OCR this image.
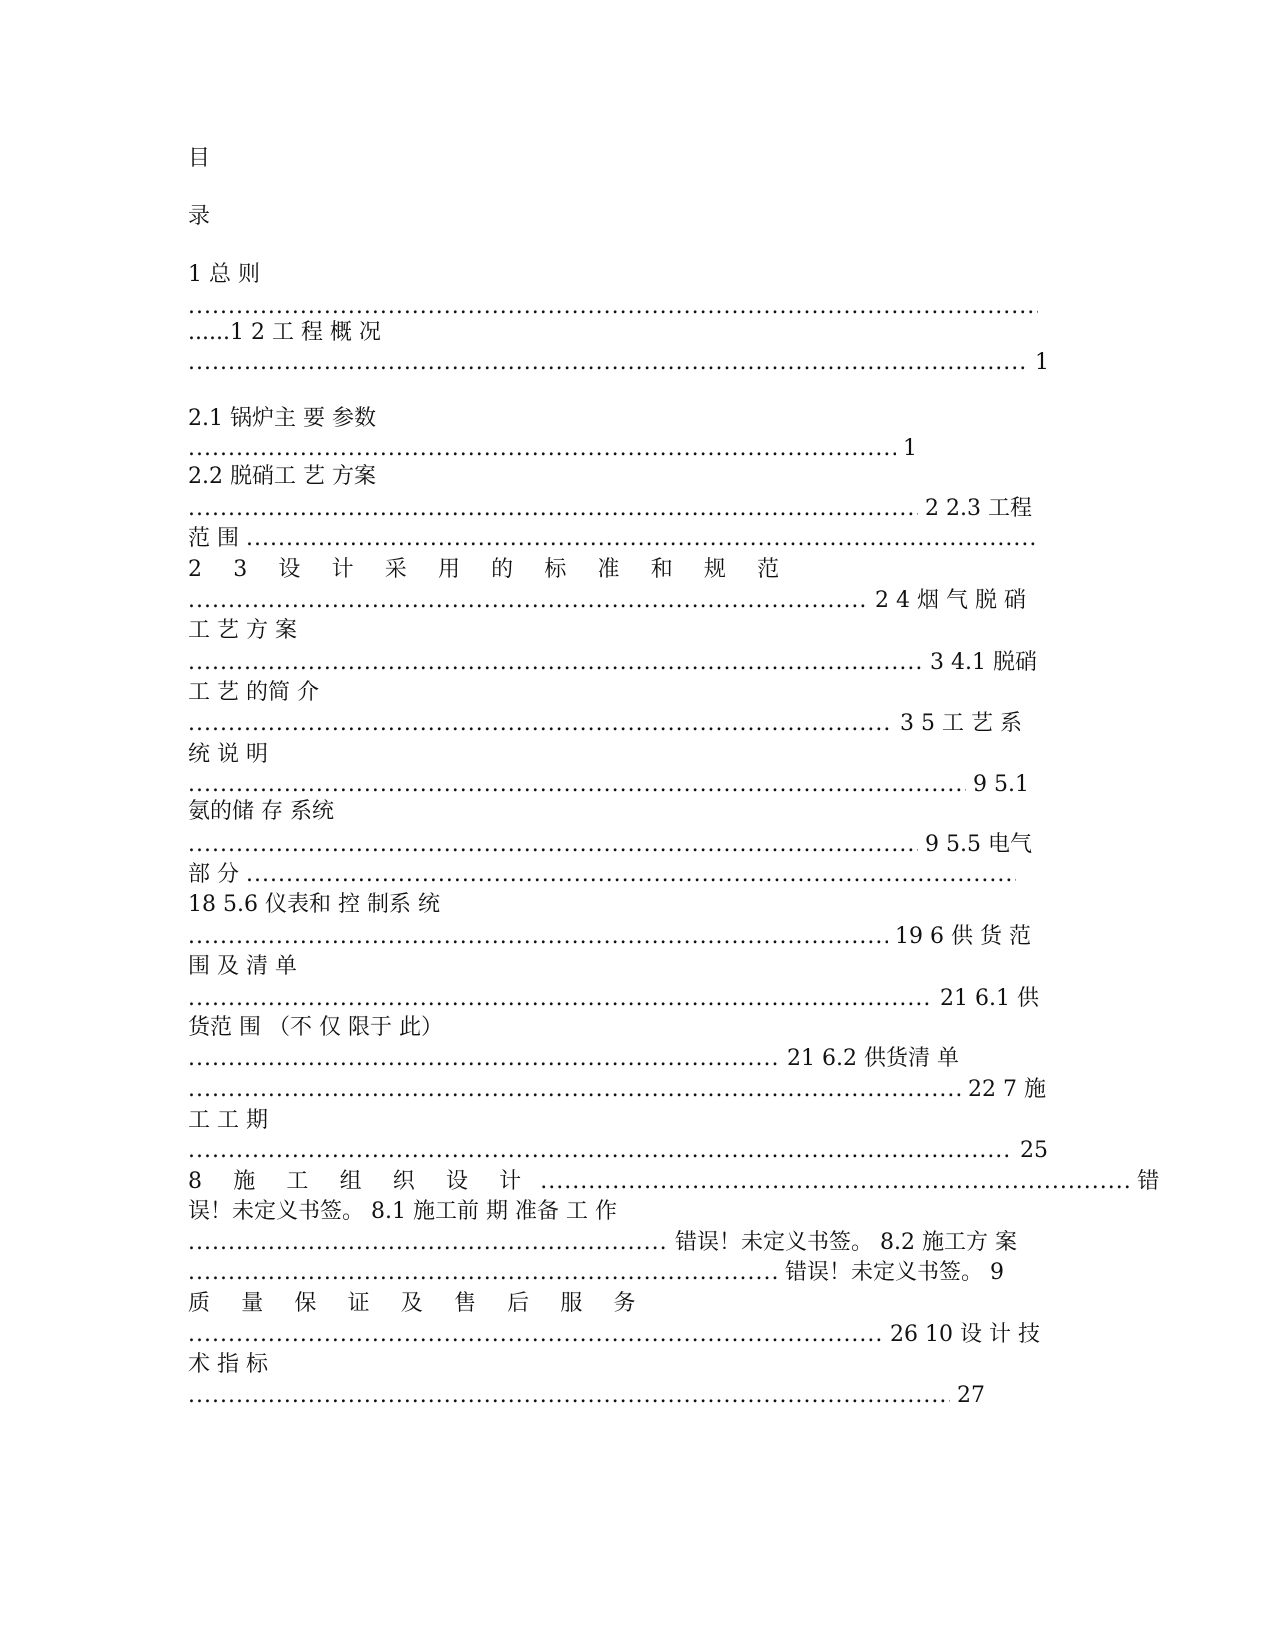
目
录
1 总 则
.....
......1 2 工 程 概 况
..... 1
2.1 锅炉主 要 参数
..... 1
2.2 脱硝工 艺 方案
..... 2 2.3 工程
范 围 .....
2 3 设 计 采 用 的 标 准 和 规 范
..... 2 4 烟 气 脱 硝
工 艺 方 案
..... 3 4.1 脱硝
工 艺 的简 介
..... 3 5 工 艺 系
统 说 明
..... 9 5.1
氨的储 存 系统
..... 9 5.5 电气
部 分 .....
18 5.6 仪表和 控 制系 统
..... 19 6 供 货 范
围 及 清 单
..... 21 6.1 供
货范 围 （不 仅 限于 此）
..... 21 6.2 供货清 单
..... 22 7 施
工 工 期
..... 25
8 施 工 组 织 设 计 .....	错
误！未定义书签。 8.1 施工前 期 准备 工 作
..... 错误！未定义书签。 8.2 施工方 案
..... 错误！未定义书签。 9
质 量 保 证 及 售 后 服 务
..... 26 10 设 计 技
术 指 标
..... 27
